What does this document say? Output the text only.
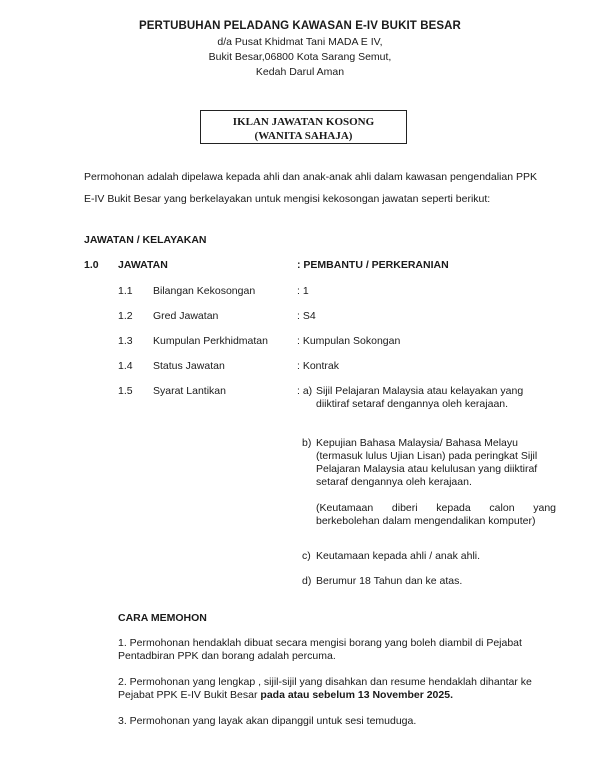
PERTUBUHAN PELADANG KAWASAN E-IV BUKIT BESAR
d/a Pusat Khidmat Tani MADA E IV,
Bukit Besar,06800 Kota Sarang Semut,
Kedah Darul Aman
IKLAN JAWATAN KOSONG
(WANITA SAHAJA)
Permohonan adalah dipelawa kepada ahli dan anak-anak ahli dalam kawasan pengendalian PPK E-IV Bukit Besar yang berkelayakan untuk mengisi kekosongan jawatan seperti berikut:
JAWATAN / KELAYAKAN
1.0 JAWATAN	: PEMBANTU / PERKERANIAN
1.1 Bilangan Kekosongan	: 1
1.2 Gred Jawatan	: S4
1.3 Kumpulan Perkhidmatan	: Kumpulan Sokongan
1.4 Status Jawatan	: Kontrak
1.5 Syarat Lantikan	: a) Sijil Pelajaran Malaysia atau kelayakan yang diiktiraf setaraf dengannya oleh kerajaan.
b) Kepujian Bahasa Malaysia/ Bahasa Melayu (termasuk lulus Ujian Lisan) pada peringkat Sijil Pelajaran Malaysia atau kelulusan yang diiktiraf setaraf dengannya oleh kerajaan.
(Keutamaan diberi kepada calon yang berkebolehan dalam mengendalikan komputer)
c) Keutamaan kepada ahli / anak ahli.
d) Berumur 18 Tahun dan ke atas.
CARA MEMOHON
1. Permohonan hendaklah dibuat secara mengisi borang yang boleh diambil di Pejabat Pentadbiran PPK dan borang adalah percuma.
2. Permohonan yang lengkap , sijil-sijil yang disahkan dan resume hendaklah dihantar ke Pejabat PPK E-IV Bukit Besar pada atau sebelum 13 November 2025.
3. Permohonan yang layak akan dipanggil untuk sesi temuduga.
